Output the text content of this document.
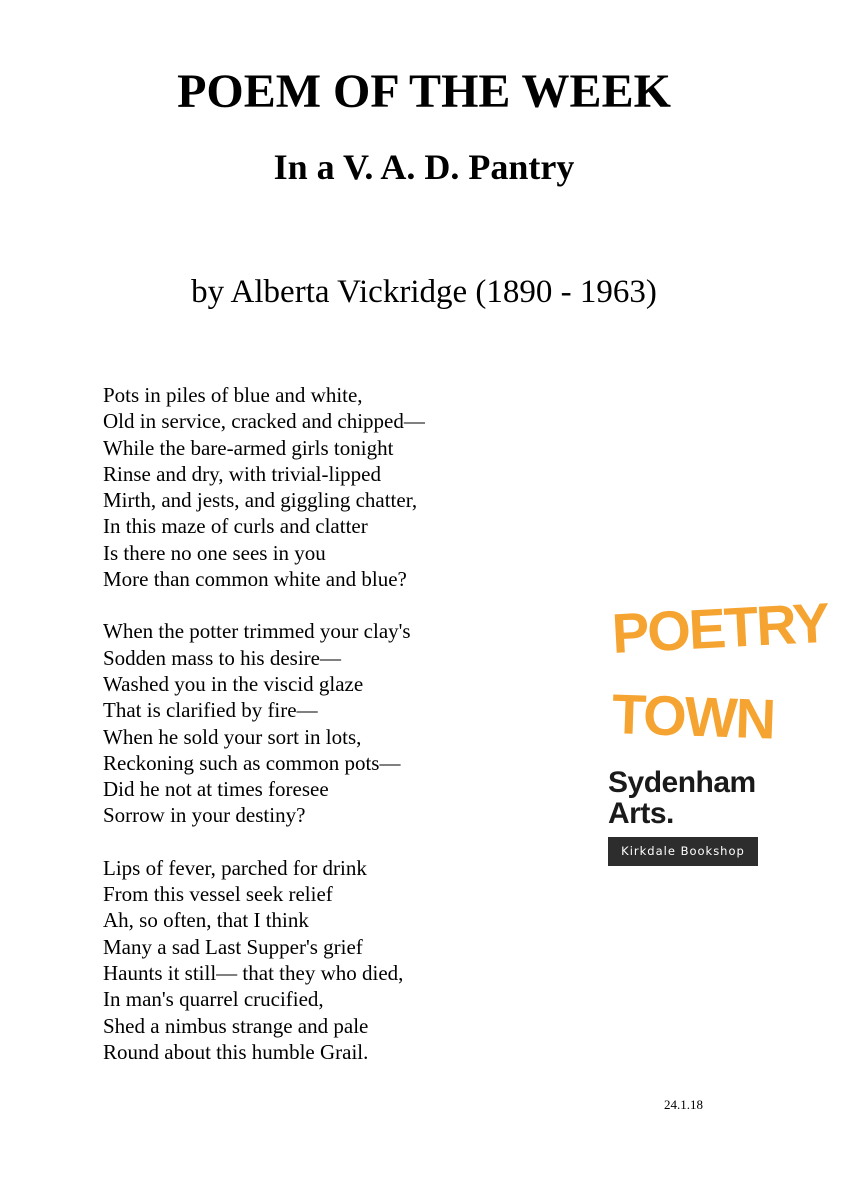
POEM OF THE WEEK
In a V. A. D. Pantry

by Alberta Vickridge (1890 - 1963)

Pots in piles of blue and white,
Old in service, cracked and chipped—
While the bare-armed girls tonight
Rinse and dry, with trivial-lipped
Mirth, and jests, and giggling chatter,
In this maze of curls and clatter
Is there no one sees in you
More than common white and blue?
When the potter trimmed your clay's
Sodden mass to his desire—
Washed you in the viscid glaze
That is clarified by fire—
When he sold your sort in lots,
Reckoning such as common pots—
Did he not at times foresee
Sorrow in your destiny?
Lips of fever, parched for drink
From this vessel seek relief
Ah, so often, that I think
Many a sad Last Supper's grief
Haunts it still— that they who died,
In man's quarrel crucified,
Shed a nimbus strange and pale
Round about this humble Grail.
POETRY
TOWN
Sydenham
Arts.
Kirkdale Bookshop
24.1.18
